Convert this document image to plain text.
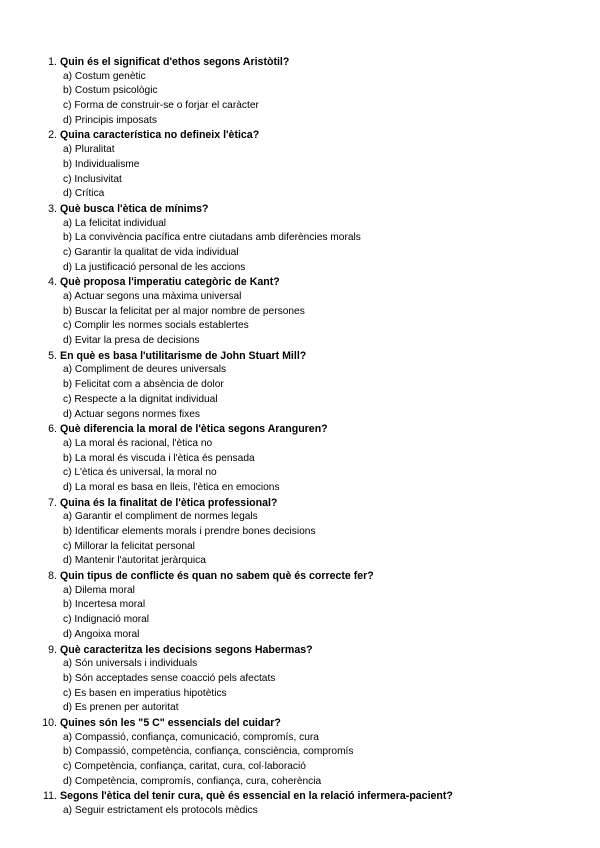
1. Quin és el significat d'ethos segons Aristòtil?
a) Costum genètic
b) Costum psicològic
c) Forma de construir-se o forjar el caràcter
d) Principis imposats
2. Quina característica no defineix l'ètica?
a) Pluralitat
b) Individualisme
c) Inclusivitat
d) Crítica
3. Què busca l'ètica de mínims?
a) La felicitat individual
b) La convivència pacífica entre ciutadans amb diferències morals
c) Garantir la qualitat de vida individual
d) La justificació personal de les accions
4. Què proposa l'imperatiu categòric de Kant?
a) Actuar segons una màxima universal
b) Buscar la felicitat per al major nombre de persones
c) Complir les normes socials establertes
d) Evitar la presa de decisions
5. En què es basa l'utilitarisme de John Stuart Mill?
a) Compliment de deures universals
b) Felicitat com a absència de dolor
c) Respecte a la dignitat individual
d) Actuar segons normes fixes
6. Què diferencia la moral de l'ètica segons Aranguren?
a) La moral és racional, l'ètica no
b) La moral és viscuda i l'ètica és pensada
c) L'ètica és universal, la moral no
d) La moral es basa en lleis, l'ètica en emocions
7. Quina és la finalitat de l'ètica professional?
a) Garantir el compliment de normes legals
b) Identificar elements morals i prendre bones decisions
c) Millorar la felicitat personal
d) Mantenir l'autoritat jeràrquica
8. Quin tipus de conflicte és quan no sabem què és correcte fer?
a) Dilema moral
b) Incertesa moral
c) Indignació moral
d) Angoixa moral
9. Què caracteritza les decisions segons Habermas?
a) Són universals i individuals
b) Són acceptades sense coacció pels afectats
c) Es basen en imperatius hipotètics
d) Es prenen per autoritat
10. Quines són les "5 C" essencials del cuidar?
a) Compassió, confiança, comunicació, compromís, cura
b) Compassió, competència, confiança, consciència, compromís
c) Competència, confiança, caritat, cura, col·laboració
d) Competència, compromís, confiança, cura, coherència
11. Segons l'ètica del tenir cura, què és essencial en la relació infermera-pacient?
a) Seguir estrictament els protocols mèdics
